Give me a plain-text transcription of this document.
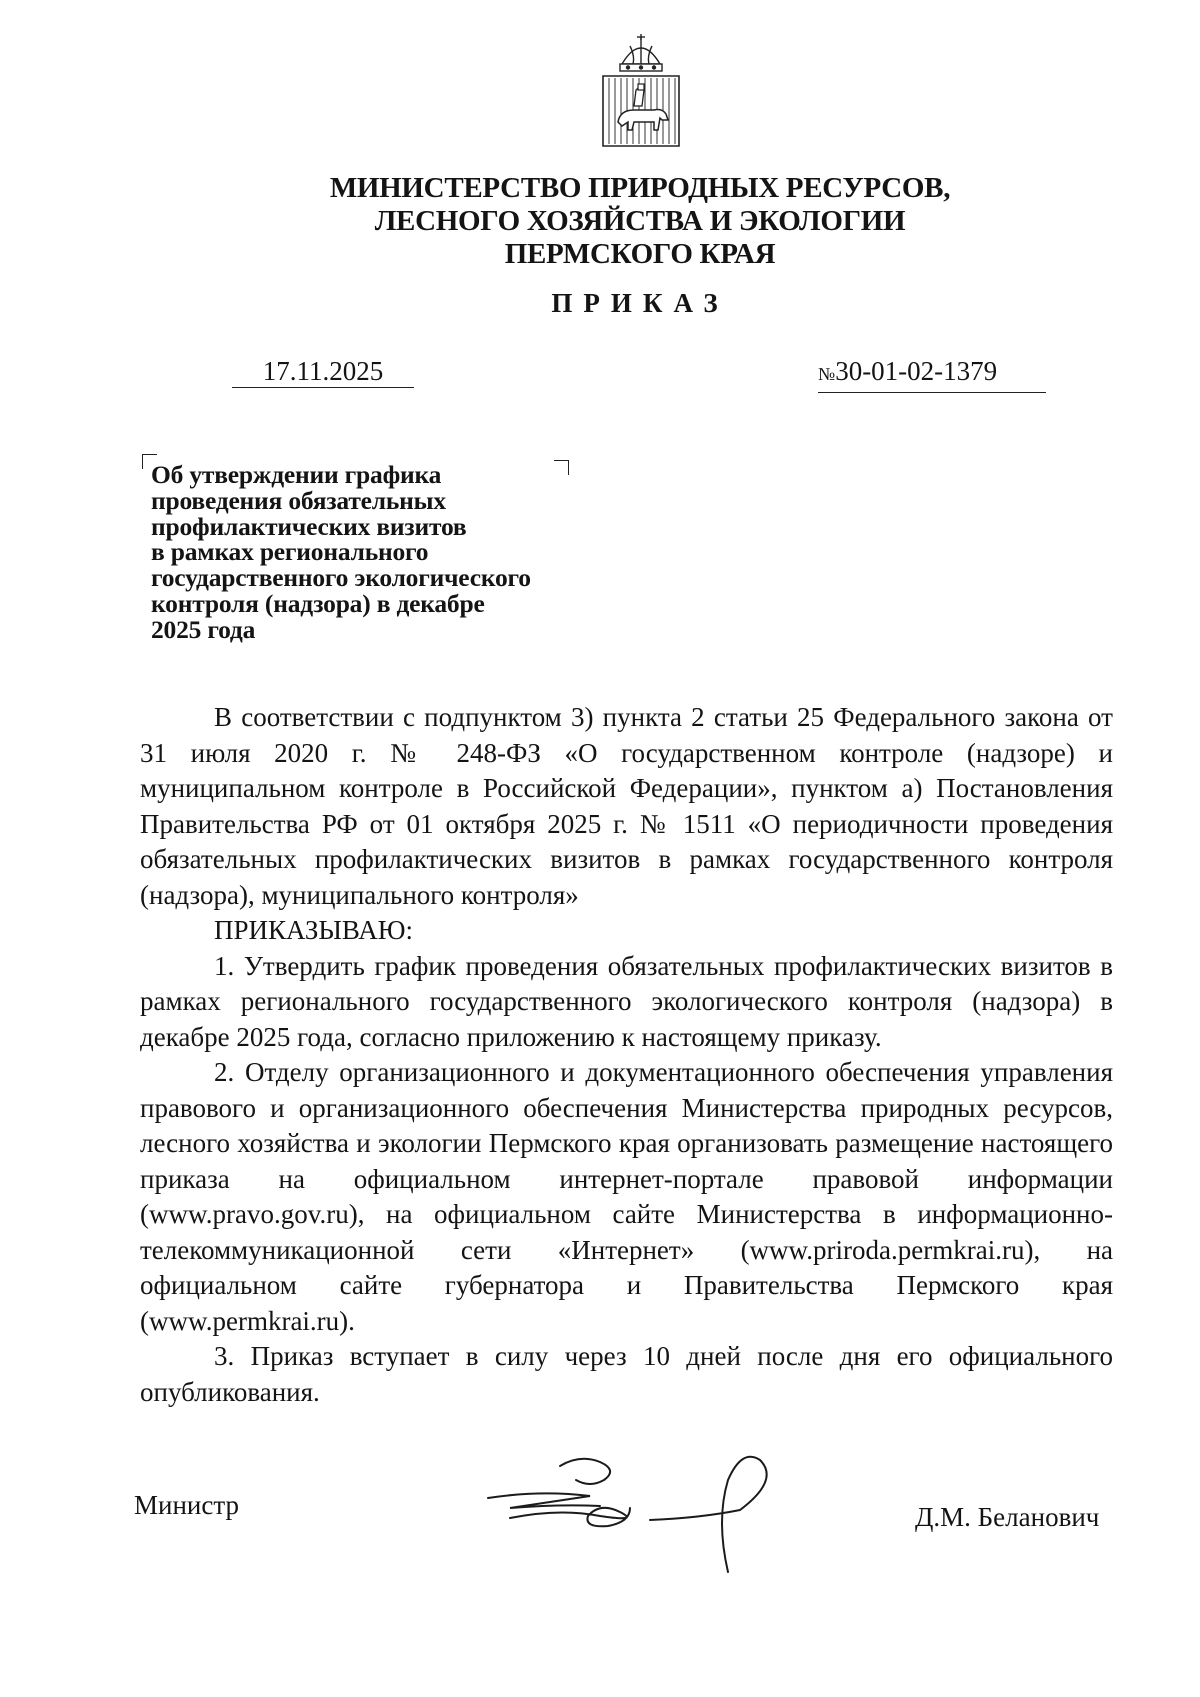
МИНИСТЕРСТВО ПРИРОДНЫХ РЕСУРСОВ,
ЛЕСНОГО ХОЗЯЙСТВА И ЭКОЛОГИИ
ПЕРМСКОГО КРАЯ
ПРИКАЗ
17.11.2025	№30-01-02-1379
Об утверждении графика
проведения обязательных
профилактических визитов
в рамках регионального
государственного экологического
контроля (надзора) в декабре
2025 года

В соответствии с подпунктом 3) пункта 2 статьи 25 Федерального закона от 31 июля 2020 г. № 248-ФЗ «О государственном контроле (надзоре) и муниципальном контроле в Российской Федерации», пунктом а) Постановления Правительства РФ от 01 октября 2025 г. № 1511 «О периодичности проведения обязательных профилактических визитов в рамках государственного контроля (надзора), муниципального контроля»

ПРИКАЗЫВАЮ:

1. Утвердить график проведения обязательных профилактических визитов в рамках регионального государственного экологического контроля (надзора) в декабре 2025 года, согласно приложению к настоящему приказу.

2. Отделу организационного и документационного обеспечения управления правового и организационного обеспечения Министерства природных ресурсов, лесного хозяйства и экологии Пермского края организовать размещение настоящего приказа на официальном интернет-портале правовой информации (www.pravo.gov.ru), на официальном сайте Министерства в информационно-телекоммуникационной сети «Интернет» (www.priroda.permkrai.ru), на официальном сайте губернатора и Правительства Пермского края (www.permkrai.ru).

3. Приказ вступает в силу через 10 дней после дня его официального опубликования.

Министр	Д.М. Беланович
